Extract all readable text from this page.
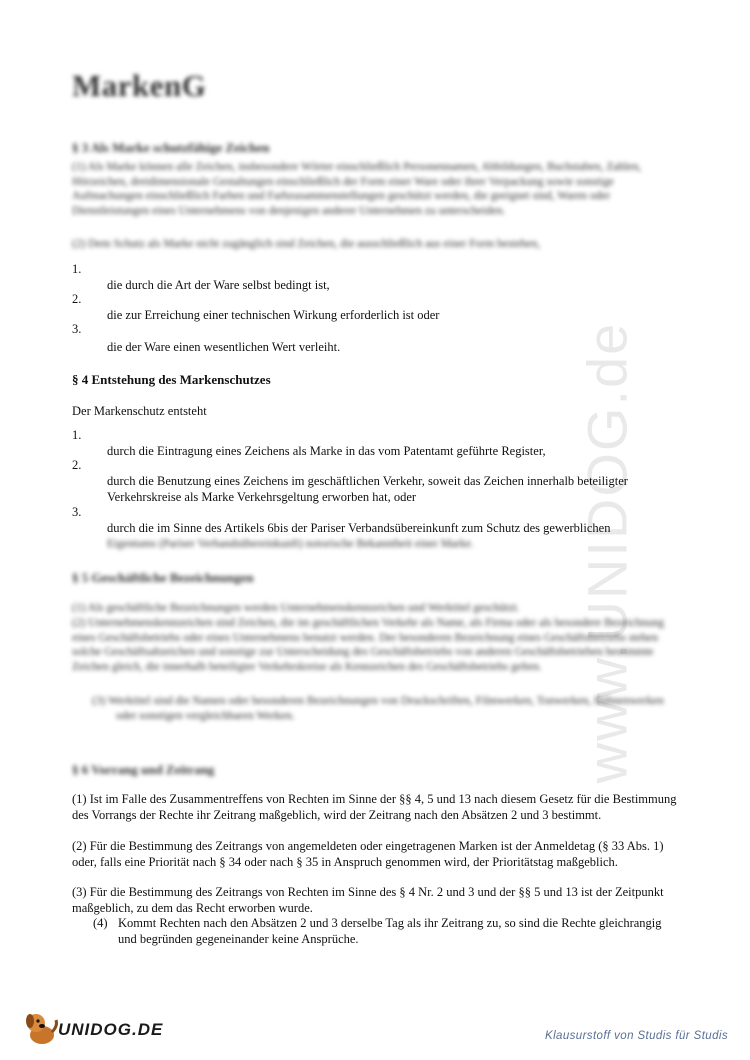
www.UNIDOG.de
MarkenG
§ 3 Als Marke schutzfähige Zeichen
(1) Als Marke können alle Zeichen, insbesondere Wörter einschließlich Personennamen, Abbildungen, Buchstaben, Zahlen, Hörzeichen, dreidimensionale Gestaltungen einschließlich der Form einer Ware oder ihrer Verpackung sowie sonstige Aufmachungen einschließlich Farben und Farbzusammenstellungen geschützt werden, die geeignet sind, Waren oder Dienstleistungen eines Unternehmens von denjenigen anderer Unternehmen zu unterscheiden.
(2) Dem Schutz als Marke nicht zugänglich sind Zeichen, die ausschließlich aus einer Form bestehen,
1.
die durch die Art der Ware selbst bedingt ist,
2.
die zur Erreichung einer technischen Wirkung erforderlich ist oder
3.
die der Ware einen wesentlichen Wert verleiht.
§ 4 Entstehung des Markenschutzes
Der Markenschutz entsteht
1.
durch die Eintragung eines Zeichens als Marke in das vom Patentamt geführte Register,
2.
durch die Benutzung eines Zeichens im geschäftlichen Verkehr, soweit das Zeichen innerhalb beteiligter Verkehrskreise als Marke Verkehrsgeltung erworben hat, oder
3.
durch die im Sinne des Artikels 6bis der Pariser Verbandsübereinkunft zum Schutz des gewerblichen
Eigentums (Pariser Verbandsübereinkunft) notorische Bekanntheit einer Marke.
§ 5 Geschäftliche Bezeichnungen
(1) Als geschäftliche Bezeichnungen werden Unternehmenskennzeichen und Werktitel geschützt.
(2) Unternehmenskennzeichen sind Zeichen, die im geschäftlichen Verkehr als Name, als Firma oder als besondere Bezeichnung eines Geschäftsbetriebs oder eines Unternehmens benutzt werden. Der besonderen Bezeichnung eines Geschäftsbetriebs stehen solche Geschäftsabzeichen und sonstige zur Unterscheidung des Geschäftsbetriebs von anderen Geschäftsbetrieben bestimmte Zeichen gleich, die innerhalb beteiligter Verkehrskreise als Kennzeichen des Geschäftsbetriebs gelten.
(3) Werktitel sind die Namen oder besonderen Bezeichnungen von Druckschriften, Filmwerken, Tonwerken, Bühnenwerken oder sonstigen vergleichbaren Werken.
§ 6 Vorrang und Zeitrang
(1) Ist im Falle des Zusammentreffens von Rechten im Sinne der §§ 4, 5 und 13 nach diesem Gesetz für die Bestimmung des Vorrangs der Rechte ihr Zeitrang maßgeblich, wird der Zeitrang nach den Absätzen 2 und 3 bestimmt.
(2) Für die Bestimmung des Zeitrangs von angemeldeten oder eingetragenen Marken ist der Anmeldetag (§ 33 Abs. 1) oder, falls eine Priorität nach § 34 oder nach § 35 in Anspruch genommen wird, der Prioritätstag maßgeblich.
(3) Für die Bestimmung des Zeitrangs von Rechten im Sinne des § 4 Nr. 2 und 3 und der §§ 5 und 13 ist der Zeitpunkt maßgeblich, zu dem das Recht erworben wurde.
(4) Kommt Rechten nach den Absätzen 2 und 3 derselbe Tag als ihr Zeitrang zu, so sind die Rechte gleichrangig und begründen gegeneinander keine Ansprüche.
UNIDOG.DE	Klausurstoff von Studis für Studis
